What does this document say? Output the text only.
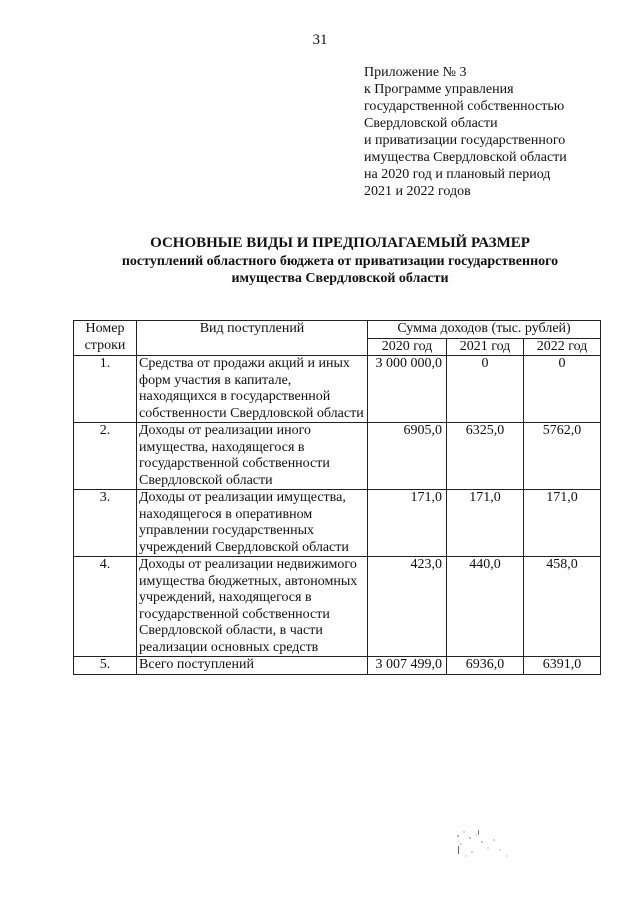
31
Приложение № 3
к Программе управления
государственной собственностью
Свердловской области
и приватизации государственного
имущества Свердловской области
на 2020 год и плановый период
2021 и 2022 годов
ОСНОВНЫЕ ВИДЫ И ПРЕДПОЛАГАЕМЫЙ РАЗМЕР
поступлений областного бюджета от приватизации государственного
имущества Свердловской области
Номер строки	Вид поступлений	Сумма доходов (тыс. рублей)		
		2020 год	2021 год	2022 год
1.	Средства от продажи акций и иных форм участия в капитале, находящихся в государственной собственности Свердловской области	3 000 000,0	0	0
2.	Доходы от реализации иного имущества, находящегося в государственной собственности Свердловской области	6905,0	6325,0	5762,0
3.	Доходы от реализации имущества, находящегося в оперативном управлении государственных учреждений Свердловской области	171,0	171,0	171,0
4.	Доходы от реализации недвижимого имущества бюджетных, автономных учреждений, находящегося в государственной собственности Свердловской области, в части реализации основных средств	423,0	440,0	458,0
5.	Всего поступлений	3 007 499,0	6936,0	6391,0
